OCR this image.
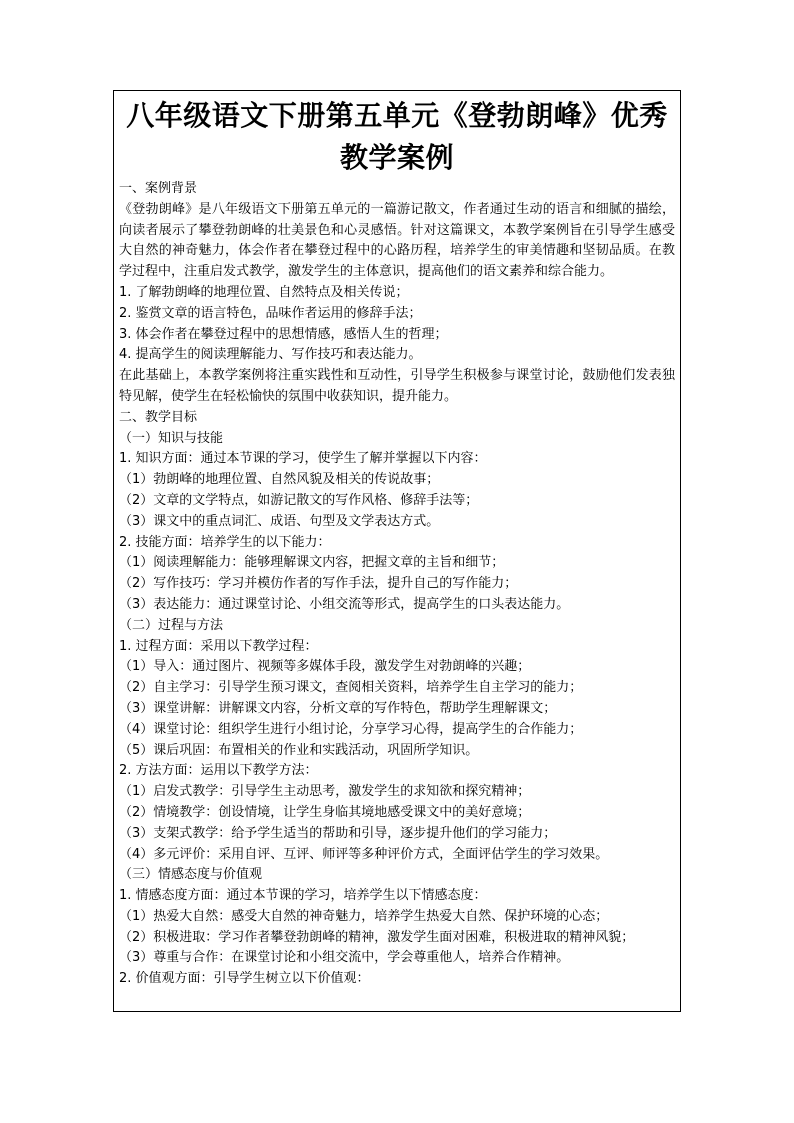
八年级语文下册第五单元《登勃朗峰》优秀
教学案例

一、案例背景

《登勃朗峰》是八年级语文下册第五单元的一篇游记散文，作者通过生动的语言和细腻的描绘，向读者展示了攀登勃朗峰的壮美景色和心灵感悟。针对这篇课文，本教学案例旨在引导学生感受大自然的神奇魅力，体会作者在攀登过程中的心路历程，培养学生的审美情趣和坚韧品质。在教学过程中，注重启发式教学，激发学生的主体意识，提高他们的语文素养和综合能力。

1. 了解勃朗峰的地理位置、自然特点及相关传说；

2. 鉴赏文章的语言特色，品味作者运用的修辞手法；

3. 体会作者在攀登过程中的思想情感，感悟人生的哲理；

4. 提高学生的阅读理解能力、写作技巧和表达能力。

在此基础上，本教学案例将注重实践性和互动性，引导学生积极参与课堂讨论，鼓励他们发表独特见解，使学生在轻松愉快的氛围中收获知识，提升能力。

二、教学目标

（一）知识与技能

1. 知识方面：通过本节课的学习，使学生了解并掌握以下内容：

（1）勃朗峰的地理位置、自然风貌及相关的传说故事；

（2）文章的文学特点，如游记散文的写作风格、修辞手法等；

（3）课文中的重点词汇、成语、句型及文学表达方式。

2. 技能方面：培养学生的以下能力：

（1）阅读理解能力：能够理解课文内容，把握文章的主旨和细节；

（2）写作技巧：学习并模仿作者的写作手法，提升自己的写作能力；

（3）表达能力：通过课堂讨论、小组交流等形式，提高学生的口头表达能力。

（二）过程与方法

1. 过程方面：采用以下教学过程：

（1）导入：通过图片、视频等多媒体手段，激发学生对勃朗峰的兴趣；

（2）自主学习：引导学生预习课文，查阅相关资料，培养学生自主学习的能力；

（3）课堂讲解：讲解课文内容，分析文章的写作特色，帮助学生理解课文；

（4）课堂讨论：组织学生进行小组讨论，分享学习心得，提高学生的合作能力；

（5）课后巩固：布置相关的作业和实践活动，巩固所学知识。

2. 方法方面：运用以下教学方法：

（1）启发式教学：引导学生主动思考，激发学生的求知欲和探究精神；

（2）情境教学：创设情境，让学生身临其境地感受课文中的美好意境；

（3）支架式教学：给予学生适当的帮助和引导，逐步提升他们的学习能力；

（4）多元评价：采用自评、互评、师评等多种评价方式，全面评估学生的学习效果。

（三）情感态度与价值观

1. 情感态度方面：通过本节课的学习，培养学生以下情感态度：

（1）热爱大自然：感受大自然的神奇魅力，培养学生热爱大自然、保护环境的心态；

（2）积极进取：学习作者攀登勃朗峰的精神，激发学生面对困难，积极进取的精神风貌；

（3）尊重与合作：在课堂讨论和小组交流中，学会尊重他人，培养合作精神。

2. 价值观方面：引导学生树立以下价值观：
